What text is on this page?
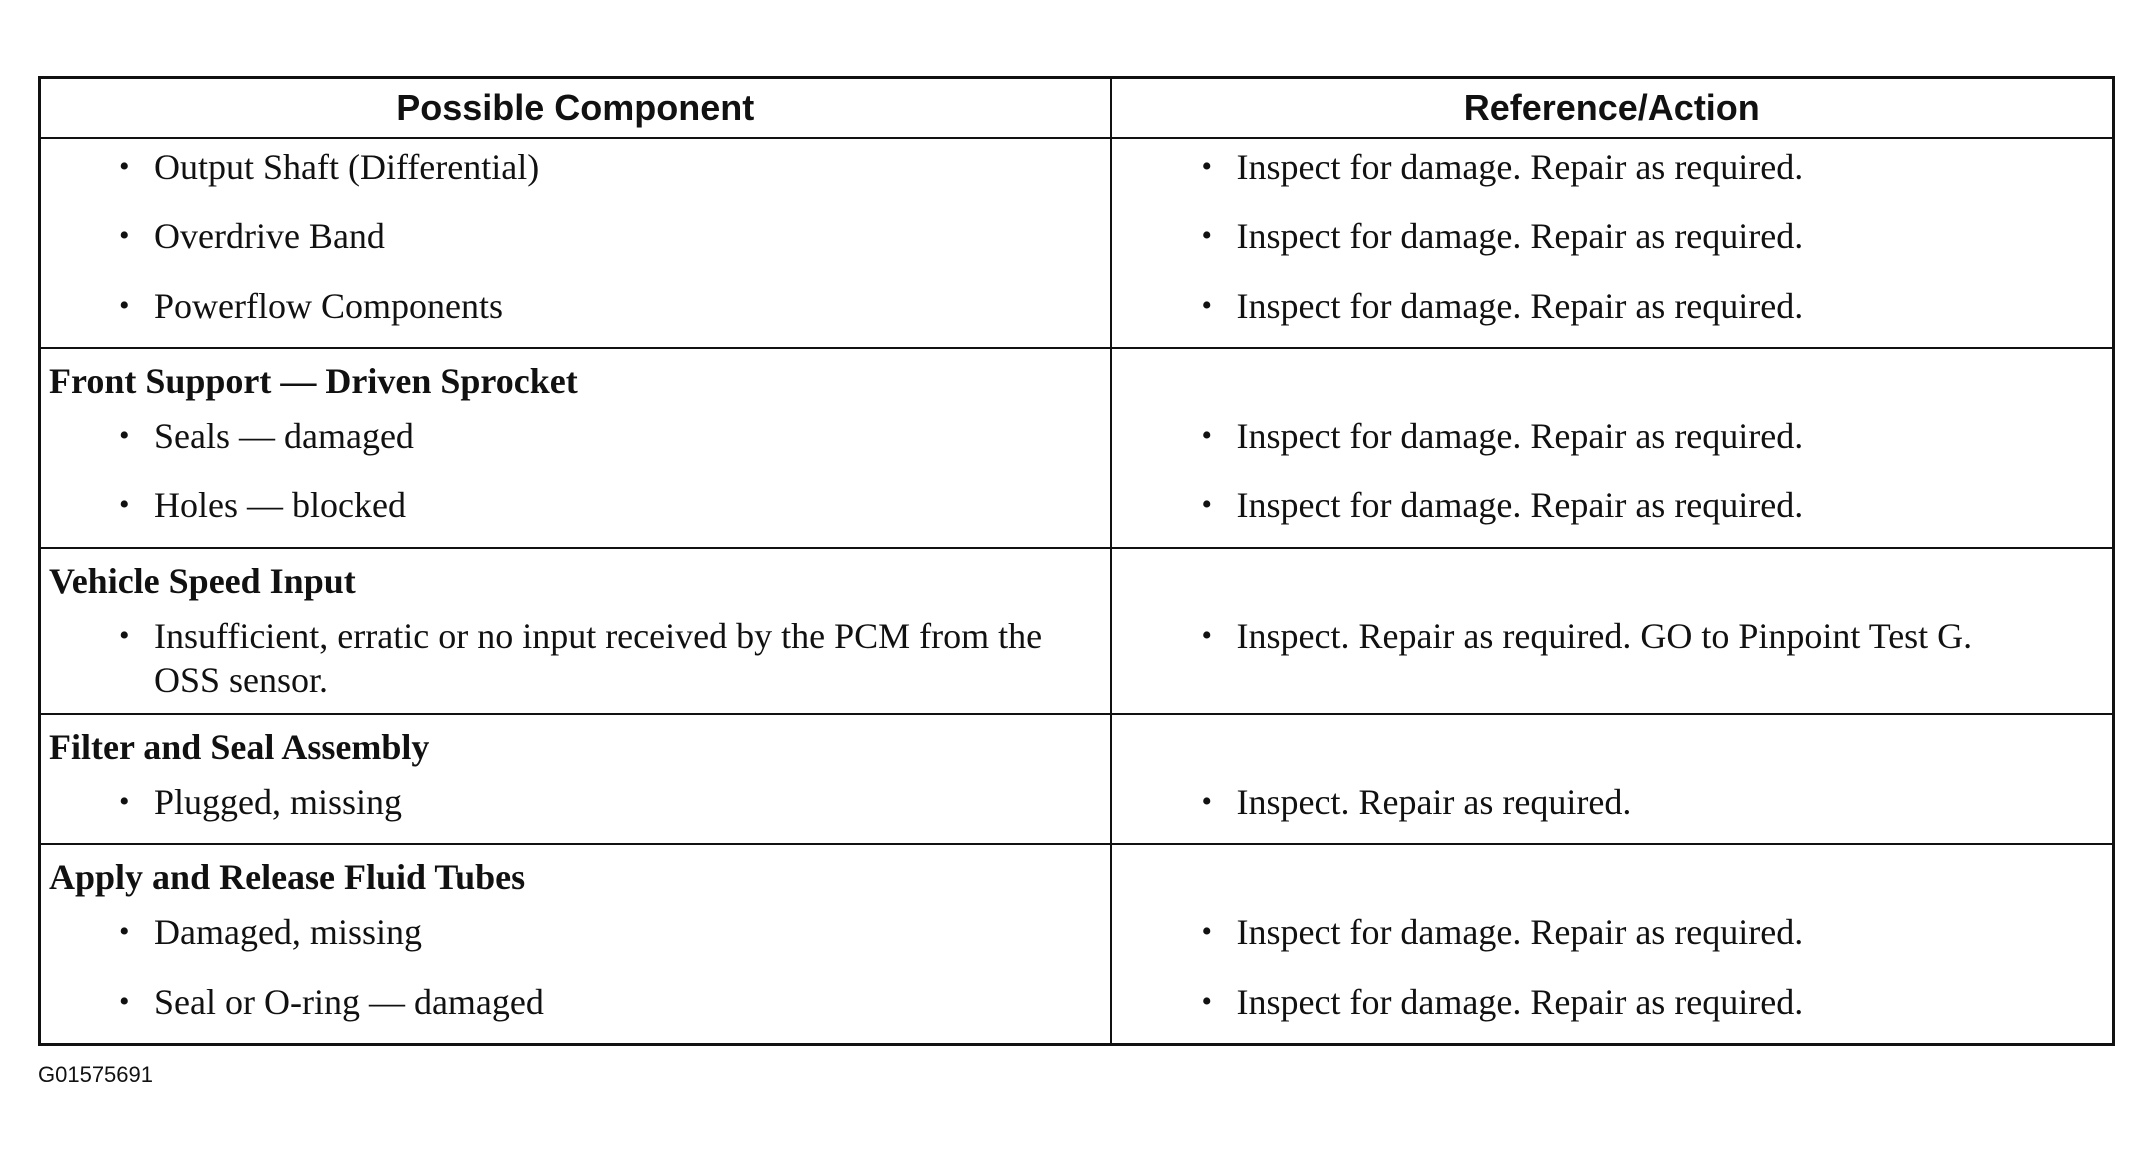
Possible Component	Reference/Action

• Output Shaft (Differential)	• Inspect for damage. Repair as required.

• Overdrive Band	• Inspect for damage. Repair as required.

• Powerflow Components	• Inspect for damage. Repair as required.

Front Support — Driven Sprocket	

• Seals — damaged	• Inspect for damage. Repair as required.

• Holes — blocked	• Inspect for damage. Repair as required.

Vehicle Speed Input	

• Insufficient, erratic or no input received by the PCM from the OSS sensor.	• Inspect. Repair as required. GO to Pinpoint Test G.

Filter and Seal Assembly	

• Plugged, missing	• Inspect. Repair as required.

Apply and Release Fluid Tubes	

• Damaged, missing	• Inspect for damage. Repair as required.

• Seal or O-ring — damaged	• Inspect for damage. Repair as required.
G01575691
